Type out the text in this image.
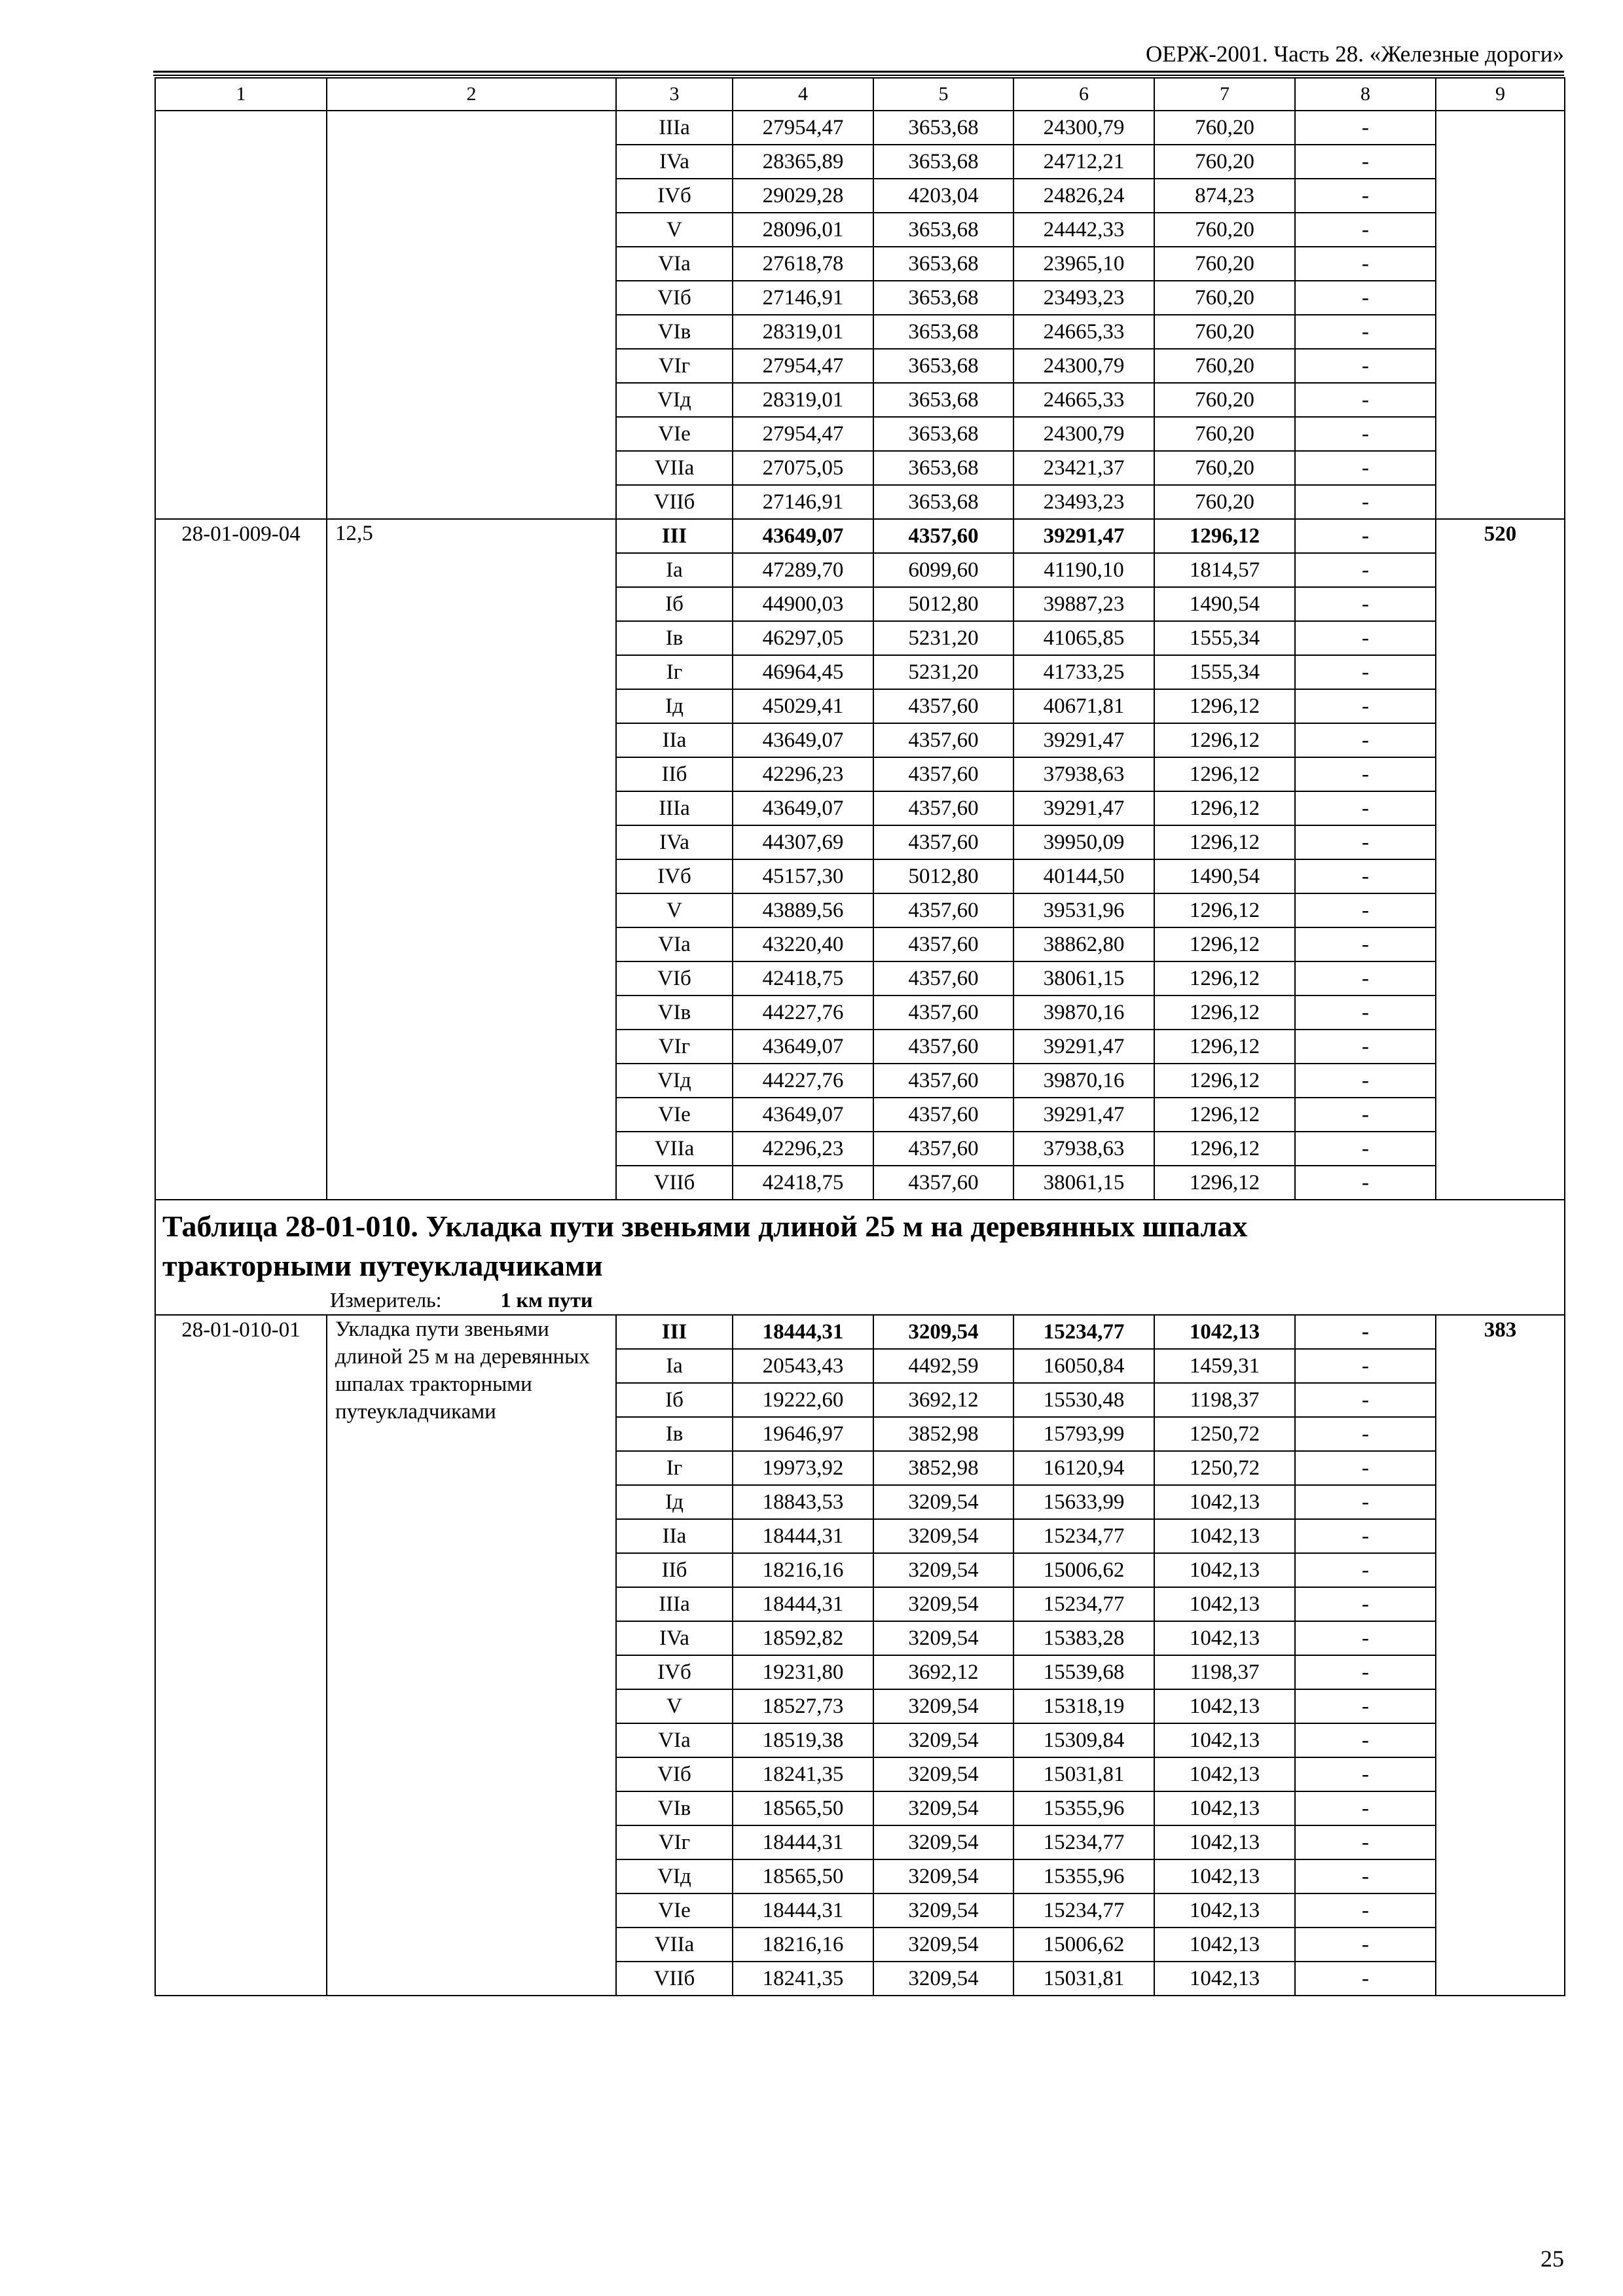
ОЕРЖ-2001. Часть 28. «Железные дороги»
1	2	3	4	5	6	7	8	9
		IIIa	27954,47	3653,68	24300,79	760,20	-	
		IVa	28365,89	3653,68	24712,21	760,20	-	
		IVб	29029,28	4203,04	24826,24	874,23	-	
		V	28096,01	3653,68	24442,33	760,20	-	
		VIa	27618,78	3653,68	23965,10	760,20	-	
		VIб	27146,91	3653,68	23493,23	760,20	-	
		VIв	28319,01	3653,68	24665,33	760,20	-	
		VIг	27954,47	3653,68	24300,79	760,20	-	
		VIд	28319,01	3653,68	24665,33	760,20	-	
		VIe	27954,47	3653,68	24300,79	760,20	-	
		VIIa	27075,05	3653,68	23421,37	760,20	-	
		VIIб	27146,91	3653,68	23493,23	760,20	-	
28-01-009-04	12,5	III	43649,07	4357,60	39291,47	1296,12	-	520
		Ia	47289,70	6099,60	41190,10	1814,57	-	
		Iб	44900,03	5012,80	39887,23	1490,54	-	
		Iв	46297,05	5231,20	41065,85	1555,34	-	
		Iг	46964,45	5231,20	41733,25	1555,34	-	
		Iд	45029,41	4357,60	40671,81	1296,12	-	
		IIa	43649,07	4357,60	39291,47	1296,12	-	
		IIб	42296,23	4357,60	37938,63	1296,12	-	
		IIIa	43649,07	4357,60	39291,47	1296,12	-	
		IVa	44307,69	4357,60	39950,09	1296,12	-	
		IVб	45157,30	5012,80	40144,50	1490,54	-	
		V	43889,56	4357,60	39531,96	1296,12	-	
		VIa	43220,40	4357,60	38862,80	1296,12	-	
		VIб	42418,75	4357,60	38061,15	1296,12	-	
		VIв	44227,76	4357,60	39870,16	1296,12	-	
		VIг	43649,07	4357,60	39291,47	1296,12	-	
		VIд	44227,76	4357,60	39870,16	1296,12	-	
		VIe	43649,07	4357,60	39291,47	1296,12	-	
		VIIa	42296,23	4357,60	37938,63	1296,12	-	
		VIIб	42418,75	4357,60	38061,15	1296,12	-	

Таблица 28-01-010. Укладка пути звеньями длиной 25 м на деревянных шпалах
тракторными путеукладчиками
Измеритель: 1 км пути								

28-01-010-01	Укладка пути звеньями длиной 25 м на деревянных шпалах тракторными путеукладчиками	III	18444,31	3209,54	15234,77	1042,13	-	383
		Ia	20543,43	4492,59	16050,84	1459,31	-	
		Iб	19222,60	3692,12	15530,48	1198,37	-	
		Iв	19646,97	3852,98	15793,99	1250,72	-	
		Iг	19973,92	3852,98	16120,94	1250,72	-	
		Iд	18843,53	3209,54	15633,99	1042,13	-	
		IIa	18444,31	3209,54	15234,77	1042,13	-	
		IIб	18216,16	3209,54	15006,62	1042,13	-	
		IIIa	18444,31	3209,54	15234,77	1042,13	-	
		IVa	18592,82	3209,54	15383,28	1042,13	-	
		IVб	19231,80	3692,12	15539,68	1198,37	-	
		V	18527,73	3209,54	15318,19	1042,13	-	
		VIa	18519,38	3209,54	15309,84	1042,13	-	
		VIб	18241,35	3209,54	15031,81	1042,13	-	
		VIв	18565,50	3209,54	15355,96	1042,13	-	
		VIг	18444,31	3209,54	15234,77	1042,13	-	
		VIд	18565,50	3209,54	15355,96	1042,13	-	
		VIe	18444,31	3209,54	15234,77	1042,13	-	
		VIIa	18216,16	3209,54	15006,62	1042,13	-	
		VIIб	18241,35	3209,54	15031,81	1042,13	-	
25
